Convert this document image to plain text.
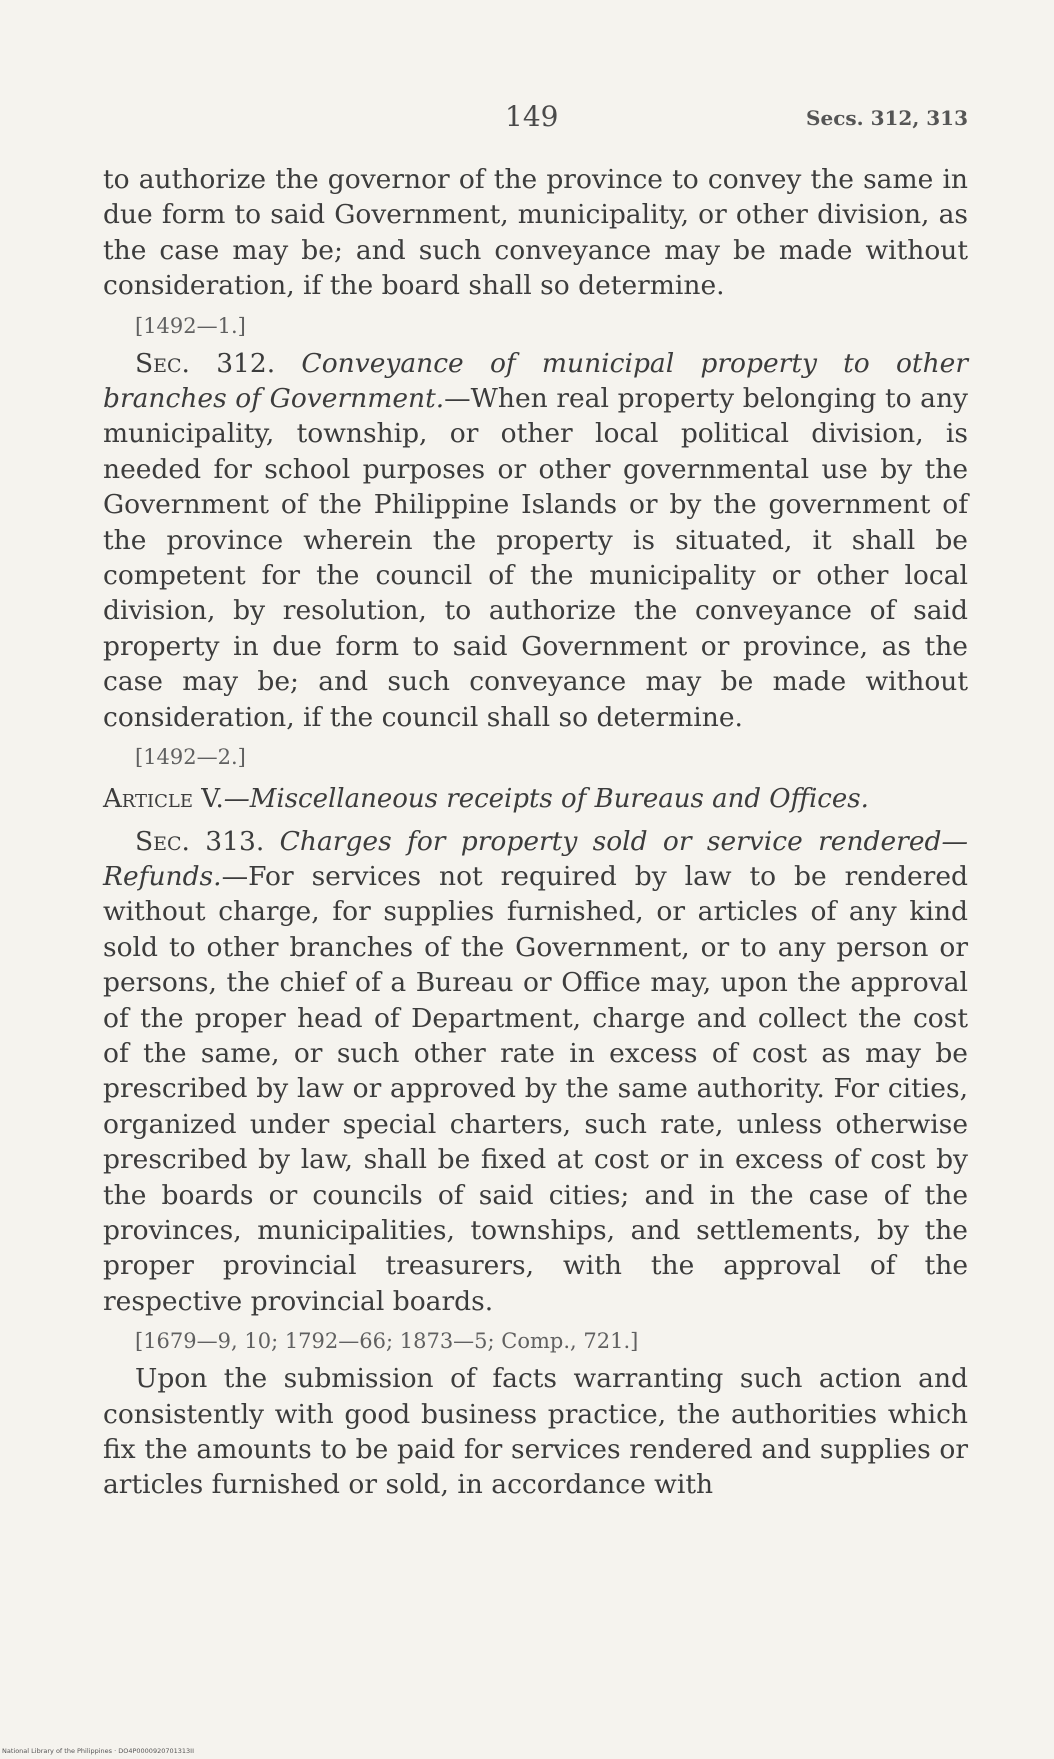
149	Secs. 312, 313

to authorize the governor of the province to convey the same in due form to said Government, municipality, or other division, as the case may be; and such conveyance may be made without consideration, if the board shall so determine.

[1492—1.]

Sec. 312. Conveyance of municipal property to other branches of Government.—When real property belonging to any municipality, township, or other local political division, is needed for school purposes or other governmental use by the Government of the Philippine Islands or by the government of the province wherein the property is situated, it shall be competent for the council of the municipality or other local division, by resolution, to authorize the conveyance of said property in due form to said Government or province, as the case may be; and such conveyance may be made without consideration, if the council shall so determine.

[1492—2.]

Article V.—Miscellaneous receipts of Bureaus and Offices.

Sec. 313. Charges for property sold or service rendered—Refunds.—For services not required by law to be rendered without charge, for supplies furnished, or articles of any kind sold to other branches of the Government, or to any person or persons, the chief of a Bureau or Office may, upon the approval of the proper head of Department, charge and collect the cost of the same, or such other rate in excess of cost as may be prescribed by law or approved by the same authority. For cities, organized under special charters, such rate, unless otherwise prescribed by law, shall be fixed at cost or in excess of cost by the boards or councils of said cities; and in the case of the provinces, municipalities, townships, and settlements, by the proper provincial treasurers, with the approval of the respective provincial boards.

[1679—9, 10; 1792—66; 1873—5; Comp., 721.]

Upon the submission of facts warranting such action and consistently with good business practice, the authorities which fix the amounts to be paid for services rendered and supplies or articles furnished or sold, in accordance with

National Library of the Philippines · DO4P0000920701313II
